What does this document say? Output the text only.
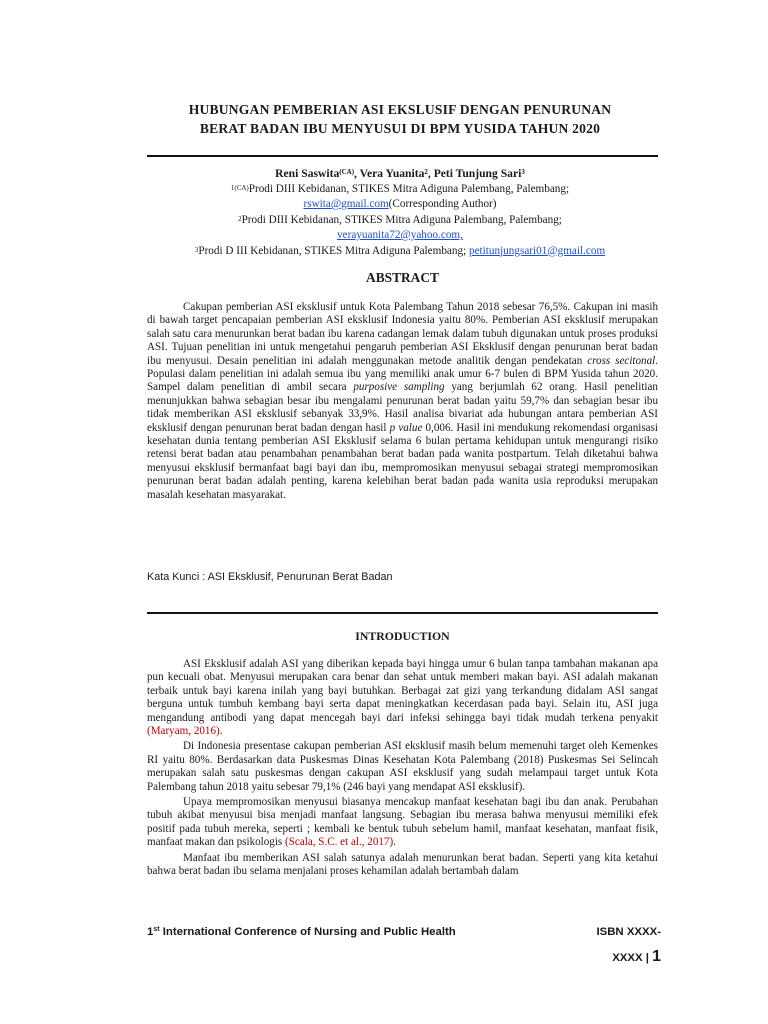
HUBUNGAN PEMBERIAN ASI EKSLUSIF DENGAN PENURUNAN
BERAT BADAN IBU MENYUSUI DI BPM YUSIDA TAHUN 2020
Reni Saswita$^{(CA)}$, Vera Yuanita$^2$, Peti Tunjung Sari$^3$
$^{1(CA)}$Prodi DIII Kebidanan, STIKES Mitra Adiguna Palembang, Palembang;
rswita@gmail.com(Corresponding Author)
$^2$Prodi DIII Kebidanan, STIKES Mitra Adiguna Palembang, Palembang;
verayuanita72@yahoo.com,
$^3$Prodi D III Kebidanan, STIKES Mitra Adiguna Palembang; petitunjungsari01@gmail.com
ABSTRACT

Cakupan pemberian ASI eksklusif untuk Kota Palembang Tahun 2018 sebesar 76,5%. Cakupan ini masih di bawah target pencapaian pemberian ASI eksklusif Indonesia yaitu 80%. Pemberian ASI eksklusif merupakan salah satu cara menurunkan berat badan ibu karena cadangan lemak dalam tubuh digunakan untuk proses produksi ASI. Tujuan penelitian ini untuk mengetahui pengaruh pemberian ASI Eksklusif dengan penurunan berat badan ibu menyusui. Desain penelitian ini adalah menggunakan metode analitik dengan pendekatan cross secitonal. Populasi dalam penelitian ini adalah semua ibu yang memiliki anak umur 6-7 bulen di BPM Yusida tahun 2020. Sampel dalam penelitian di ambil secara purposive sampling yang berjumlah 62 orang. Hasil penelitian menunjukkan bahwa sebagian besar ibu mengalami penurunan berat badan yaitu 59,7% dan sebagian besar ibu tidak memberikan ASI eksklusif sebanyak 33,9%. Hasil analisa bivariat ada hubungan antara pemberian ASI eksklusif dengan penurunan berat badan dengan hasil p value 0,006. Hasil ini mendukung rekomendasi organisasi kesehatan dunia tentang pemberian ASI Eksklusif selama 6 bulan pertama kehidupan untuk mengurangi risiko retensi berat badan atau penambahan penambahan berat badan pada wanita postpartum. Telah diketahui bahwa menyusui eksklusif bermanfaat bagi bayi dan ibu, mempromosikan menyusui sebagai strategi mempromosikan penurunan berat badan adalah penting, karena kelebihan berat badan pada wanita usia reproduksi merupakan masalah kesehatan masyarakat.

Kata Kunci : ASI Eksklusif, Penurunan Berat Badan

INTRODUCTION

ASI Eksklusif adalah ASI yang diberikan kepada bayi hingga umur 6 bulan tanpa tambahan makanan apa pun kecuali obat. Menyusui merupakan cara benar dan sehat untuk memberi makan bayi. ASI adalah makanan terbaik untuk bayi karena inilah yang bayi butuhkan. Berbagai zat gizi yang terkandung didalam ASI sangat berguna untuk tumbuh kembang bayi serta dapat meningkatkan kecerdasan pada bayi. Selain itu, ASI juga mengandung antibodi yang dapat mencegah bayi dari infeksi sehingga bayi tidak mudah terkena penyakit (Maryam, 2016).

Di Indonesia presentase cakupan pemberian ASI eksklusif masih belum memenuhi target oleh Kemenkes RI yaitu 80%. Berdasarkan data Puskesmas Dinas Kesehatan Kota Palembang (2018) Puskesmas Sei Selincah merupakan salah satu puskesmas dengan cakupan ASI eksklusif yang sudah melampaui target untuk Kota Palembang tahun 2018 yaitu sebesar 79,1% (246 bayi yang mendapat ASI eksklusif).

Upaya mempromosikan menyusui biasanya mencakup manfaat kesehatan bagi ibu dan anak. Perubahan tubuh akibat menyusui bisa menjadi manfaat langsung. Sebagian ibu merasa bahwa menyusui memiliki efek positif pada tubuh mereka, seperti ; kembali ke bentuk tubuh sebelum hamil, manfaat kesehatan, manfaat fisik, manfaat makan dan psikologis (Scala, S.C. et al., 2017).

Manfaat ibu memberikan ASI salah satunya adalah menurunkan berat badan. Seperti yang kita ketahui bahwa berat badan ibu selama menjalani proses kehamilan adalah bertambah dalam

1st International Conference of Nursing and Public Health	ISBN XXXX-
XXXX | 1
